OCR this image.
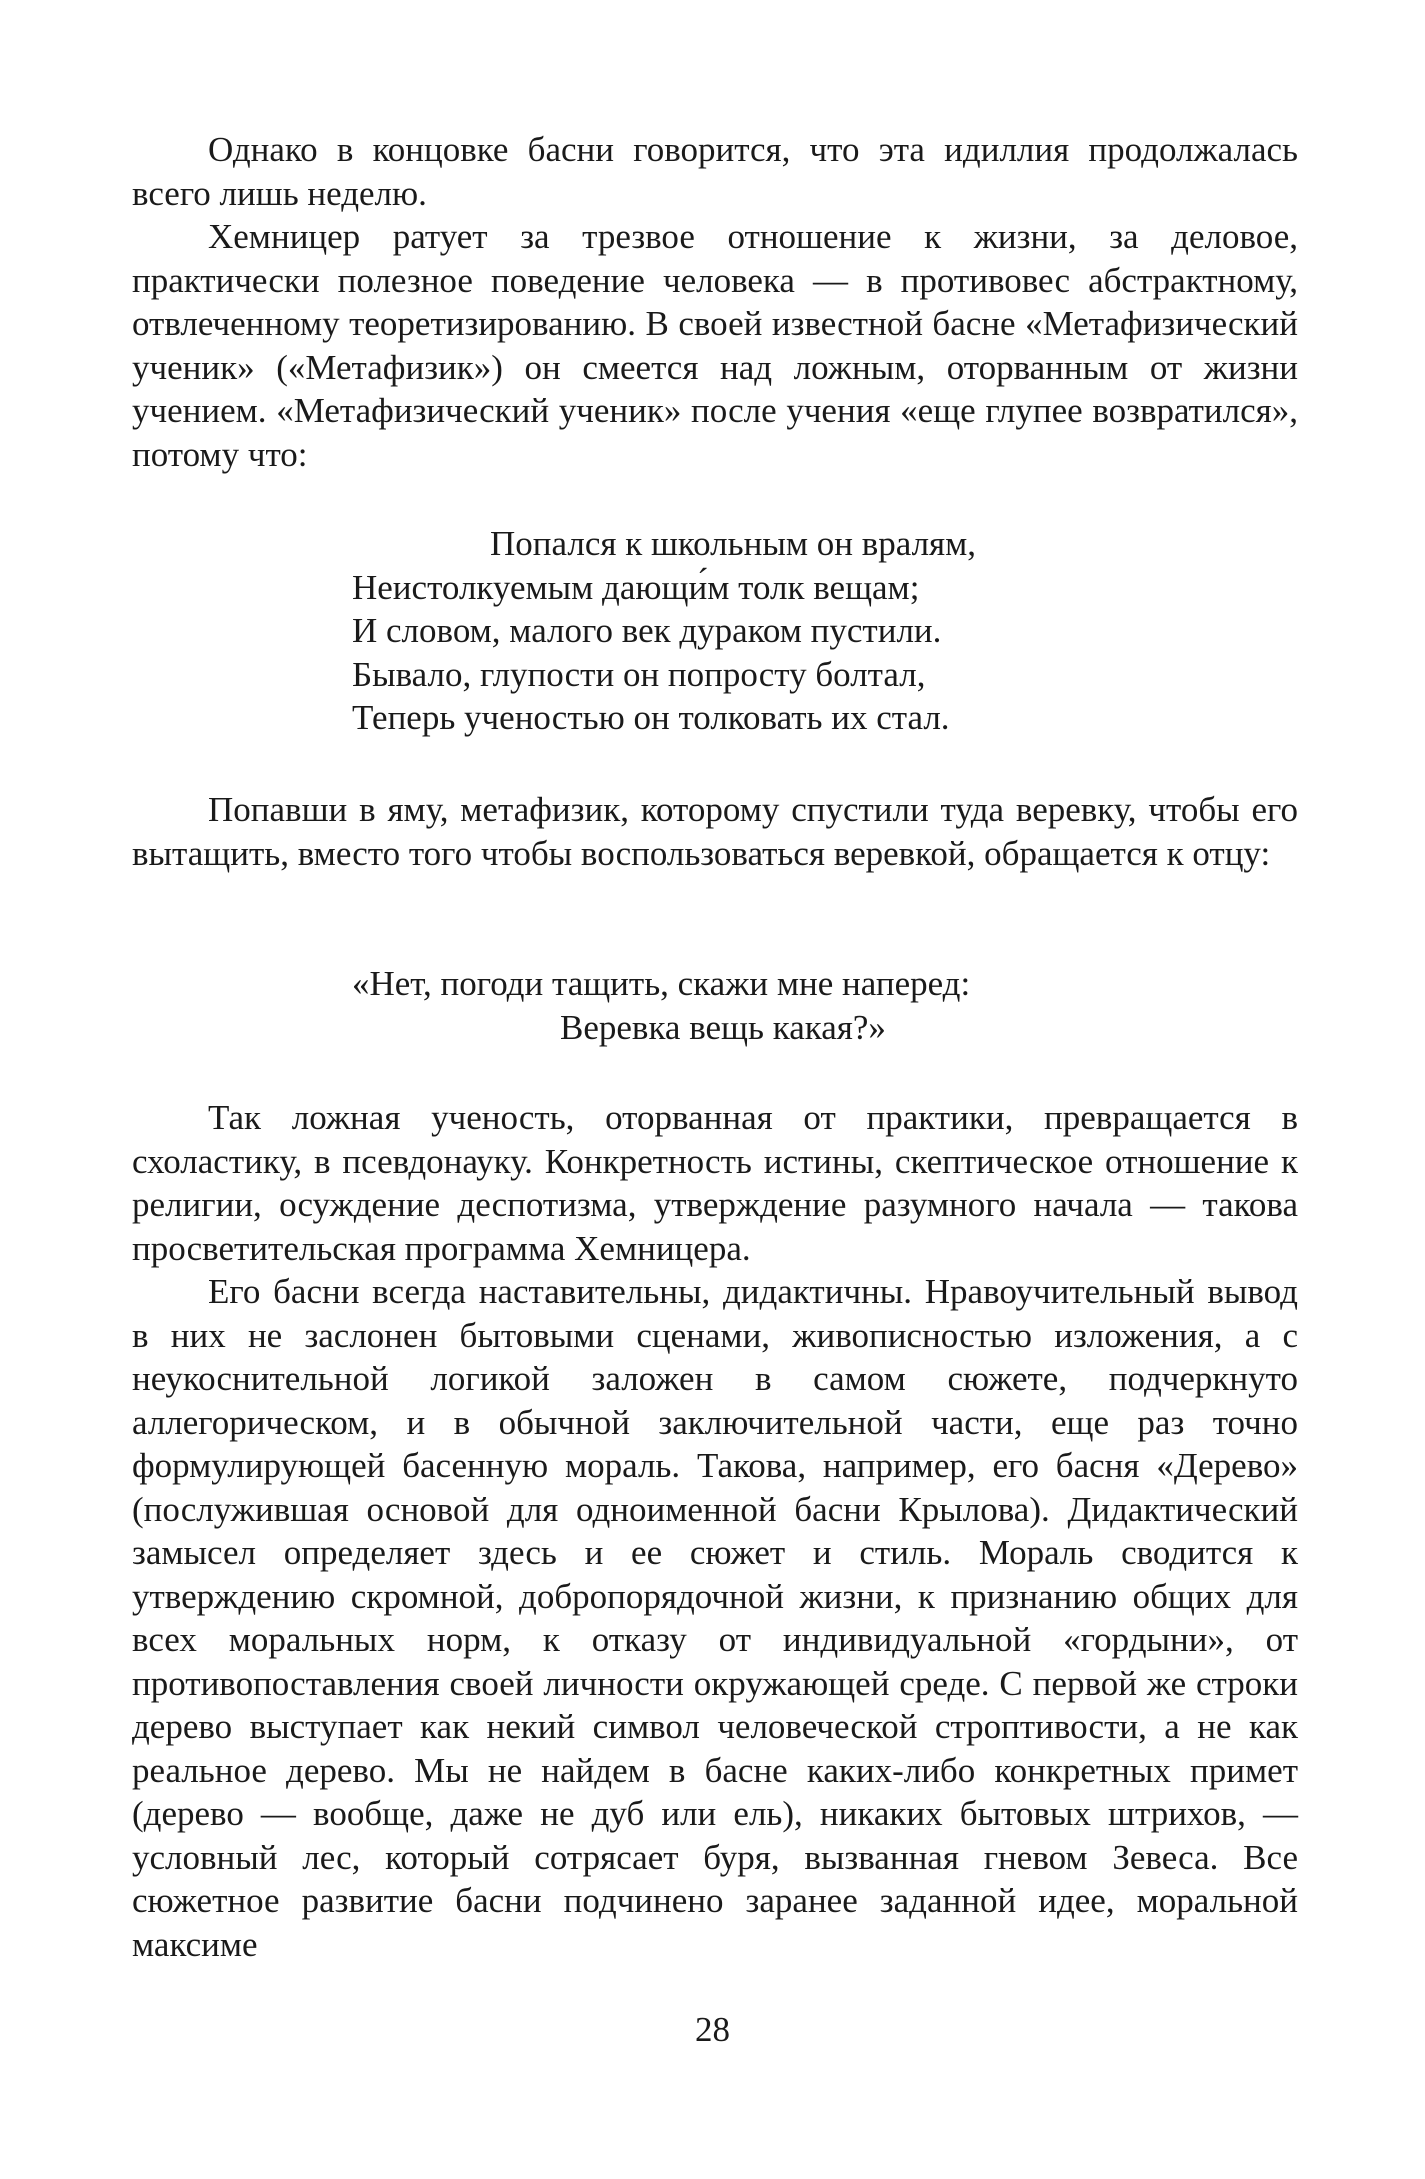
Однако в концовке басни говорится, что эта идиллия продолжалась всего лишь неделю.

Хемницер ратует за трезвое отношение к жизни, за деловое, практически полезное поведение человека — в противовес абстрактному, отвлеченному теоретизированию. В своей известной басне «Метафизический ученик» («Метафизик») он смеется над ложным, оторванным от жизни учением. «Метафизический ученик» после учения «еще глупее возвратился», потому что:

Попался к школьным он вралям,
Неистолкуемым дающи́м толк вещам;
И словом, малого век дураком пустили.
Бывало, глупости он попросту болтал,
Теперь ученостью он толковать их стал.

Попавши в яму, метафизик, которому спустили туда веревку, чтобы его вытащить, вместо того чтобы воспользоваться веревкой, обращается к отцу:

«Нет, погоди тащить, скажи мне наперед:
Веревка вещь какая?»

Так ложная ученость, оторванная от практики, превращается в схоластику, в псевдонауку. Конкретность истины, скептическое отношение к религии, осуждение деспотизма, утверждение разумного начала — такова просветительская программа Хемницера.

Его басни всегда наставительны, дидактичны. Нравоучительный вывод в них не заслонен бытовыми сценами, живописностью изложения, а с неукоснительной логикой заложен в самом сюжете, подчеркнуто аллегорическом, и в обычной заключительной части, еще раз точно формулирующей басенную мораль. Такова, например, его басня «Дерево» (послужившая основой для одноименной басни Крылова). Дидактический замысел определяет здесь и ее сюжет и стиль. Мораль сводится к утверждению скромной, добропорядочной жизни, к признанию общих для всех моральных норм, к отказу от индивидуальной «гордыни», от противопоставления своей личности окружающей среде. С первой же строки дерево выступает как некий символ человеческой строптивости, а не как реальное дерево. Мы не найдем в басне каких-либо конкретных примет (дерево — вообще, даже не дуб или ель), никаких бытовых штрихов, — условный лес, который сотрясает буря, вызванная гневом Зевеса. Все сюжетное развитие басни подчинено заранее заданной идее, моральной максиме

28
